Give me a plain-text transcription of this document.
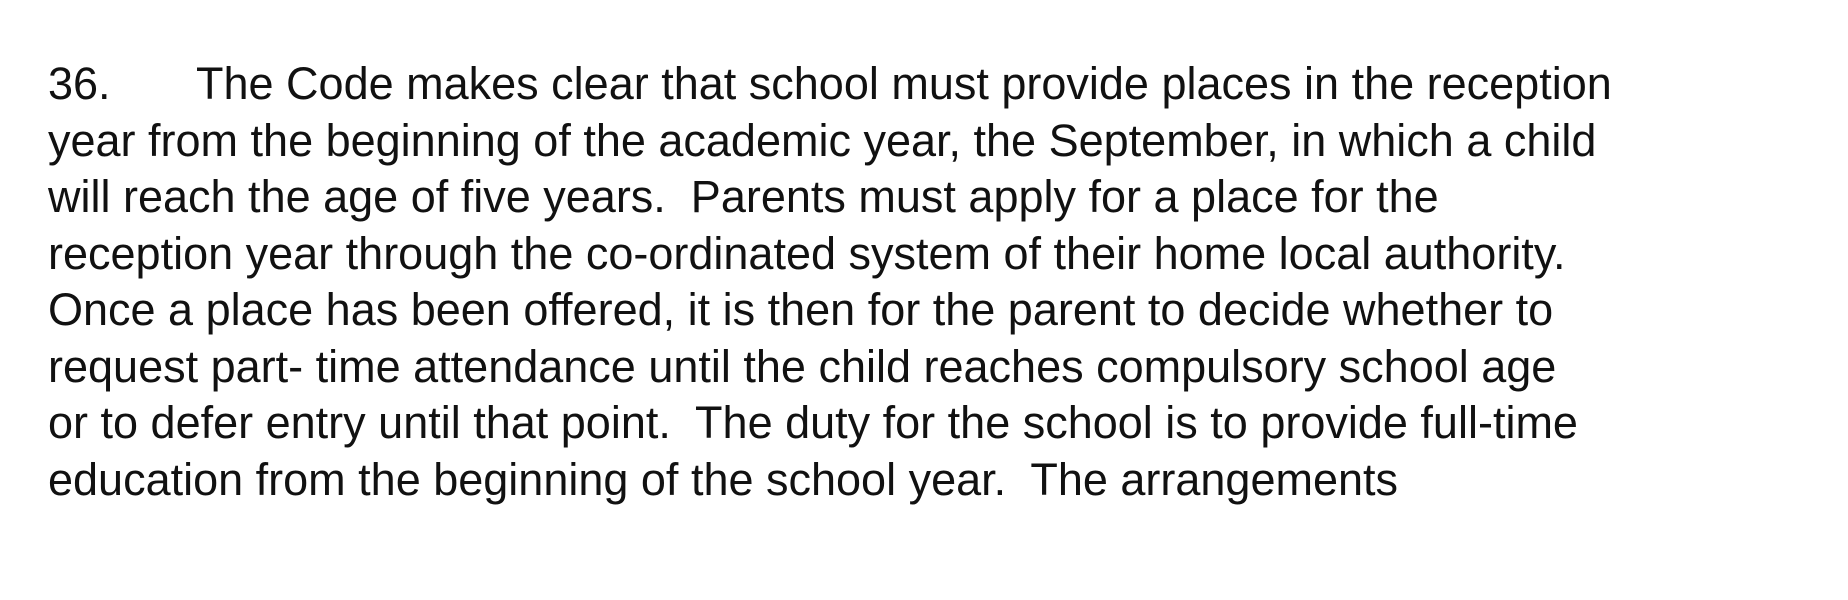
36. The Code makes clear that school must provide places in the reception
year from the beginning of the academic year, the September, in which a child
will reach the age of five years.  Parents must apply for a place for the
reception year through the co-ordinated system of their home local authority.
Once a place has been offered, it is then for the parent to decide whether to
request part- time attendance until the child reaches compulsory school age
or to defer entry until that point.  The duty for the school is to provide full-time
education from the beginning of the school year.  The arrangements
